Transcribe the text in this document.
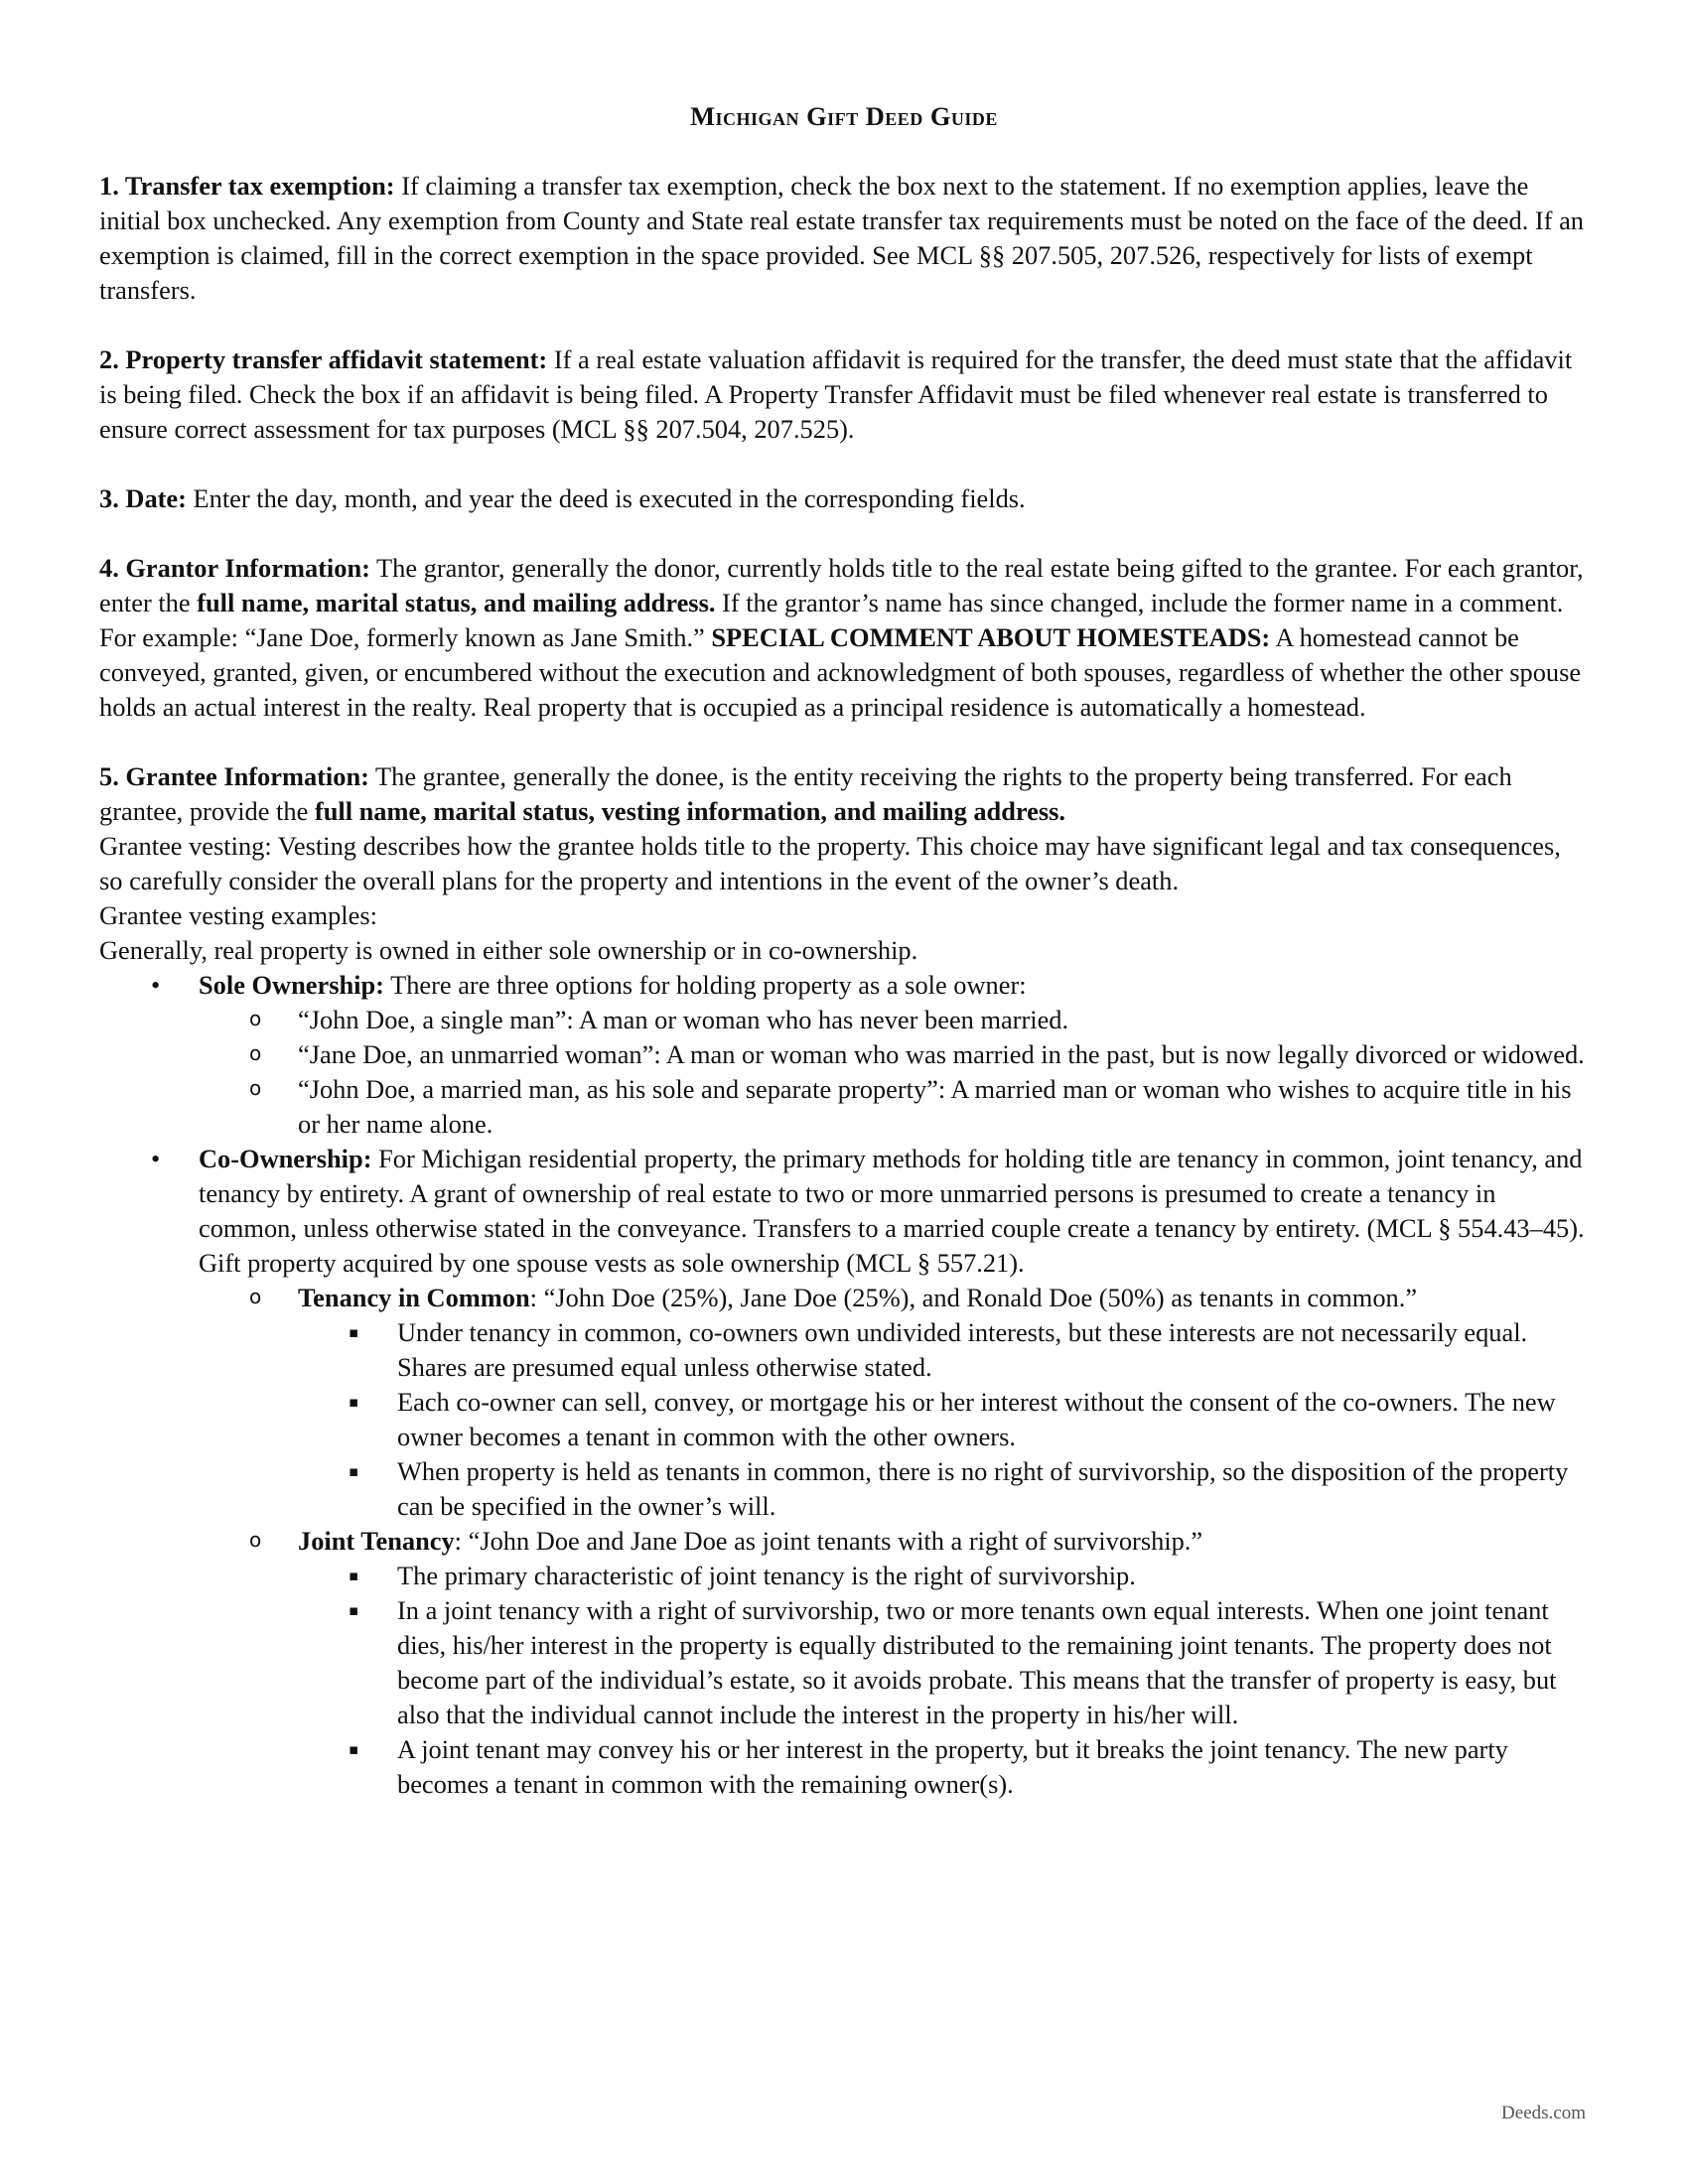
Michigan Gift Deed Guide

1. Transfer tax exemption: If claiming a transfer tax exemption, check the box next to the statement. If no exemption applies, leave the initial box unchecked. Any exemption from County and State real estate transfer tax requirements must be noted on the face of the deed. If an exemption is claimed, fill in the correct exemption in the space provided. See MCL §§ 207.505, 207.526, respectively for lists of exempt transfers.

2. Property transfer affidavit statement: If a real estate valuation affidavit is required for the transfer, the deed must state that the affidavit is being filed. Check the box if an affidavit is being filed. A Property Transfer Affidavit must be filed whenever real estate is transferred to ensure correct assessment for tax purposes (MCL §§ 207.504, 207.525).

3. Date: Enter the day, month, and year the deed is executed in the corresponding fields.

4. Grantor Information: The grantor, generally the donor, currently holds title to the real estate being gifted to the grantee. For each grantor, enter the full name, marital status, and mailing address. If the grantor’s name has since changed, include the former name in a comment. For example: “Jane Doe, formerly known as Jane Smith.” SPECIAL COMMENT ABOUT HOMESTEADS: A homestead cannot be conveyed, granted, given, or encumbered without the execution and acknowledgment of both spouses, regardless of whether the other spouse holds an actual interest in the realty. Real property that is occupied as a principal residence is automatically a homestead.

5. Grantee Information: The grantee, generally the donee, is the entity receiving the rights to the property being transferred. For each grantee, provide the full name, marital status, vesting information, and mailing address.

Grantee vesting: Vesting describes how the grantee holds title to the property. This choice may have significant legal and tax consequences, so carefully consider the overall plans for the property and intentions in the event of the owner’s death.

Grantee vesting examples:

Generally, real property is owned in either sole ownership or in co-ownership.

• Sole Ownership: There are three options for holding property as a sole owner:
o “John Doe, a single man”: A man or woman who has never been married.
o “Jane Doe, an unmarried woman”: A man or woman who was married in the past, but is now legally divorced or widowed.
o “John Doe, a married man, as his sole and separate property”: A married man or woman who wishes to acquire title in his or her name alone.
• Co-Ownership: For Michigan residential property, the primary methods for holding title are tenancy in common, joint tenancy, and tenancy by entirety. A grant of ownership of real estate to two or more unmarried persons is presumed to create a tenancy in common, unless otherwise stated in the conveyance. Transfers to a married couple create a tenancy by entirety. (MCL § 554.43–45). Gift property acquired by one spouse vests as sole ownership (MCL § 557.21).
o Tenancy in Common: “John Doe (25%), Jane Doe (25%), and Ronald Doe (50%) as tenants in common.”
▪ Under tenancy in common, co-owners own undivided interests, but these interests are not necessarily equal. Shares are presumed equal unless otherwise stated.
▪ Each co-owner can sell, convey, or mortgage his or her interest without the consent of the co-owners. The new owner becomes a tenant in common with the other owners.
▪ When property is held as tenants in common, there is no right of survivorship, so the disposition of the property can be specified in the owner’s will.
o Joint Tenancy: “John Doe and Jane Doe as joint tenants with a right of survivorship.”
▪ The primary characteristic of joint tenancy is the right of survivorship.
▪ In a joint tenancy with a right of survivorship, two or more tenants own equal interests. When one joint tenant dies, his/her interest in the property is equally distributed to the remaining joint tenants. The property does not become part of the individual’s estate, so it avoids probate. This means that the transfer of property is easy, but also that the individual cannot include the interest in the property in his/her will.
▪ A joint tenant may convey his or her interest in the property, but it breaks the joint tenancy. The new party becomes a tenant in common with the remaining owner(s).
Deeds.com
